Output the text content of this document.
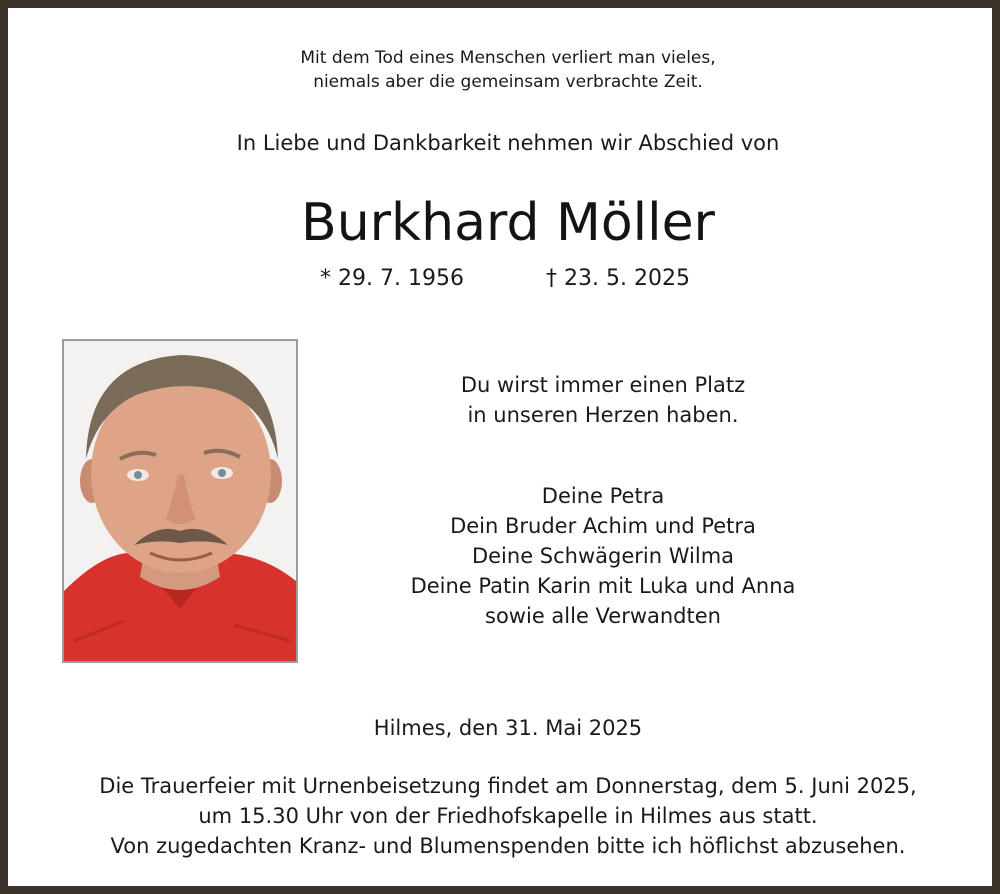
Mit dem Tod eines Menschen verliert man vieles,
niemals aber die gemeinsam verbrachte Zeit.
In Liebe und Dankbarkeit nehmen wir Abschied von
Burkhard Möller
* 29. 7. 1956	† 23. 5. 2025
Du wirst immer einen Platz
in unseren Herzen haben.
Deine Petra
Dein Bruder Achim und Petra
Deine Schwägerin Wilma
Deine Patin Karin mit Luka und Anna
sowie alle Verwandten
Hilmes, den 31. Mai 2025
Die Trauerfeier mit Urnenbeisetzung findet am Donnerstag, dem 5. Juni 2025,
um 15.30 Uhr von der Friedhofskapelle in Hilmes aus statt.
Von zugedachten Kranz- und Blumenspenden bitte ich höflichst abzusehen.
